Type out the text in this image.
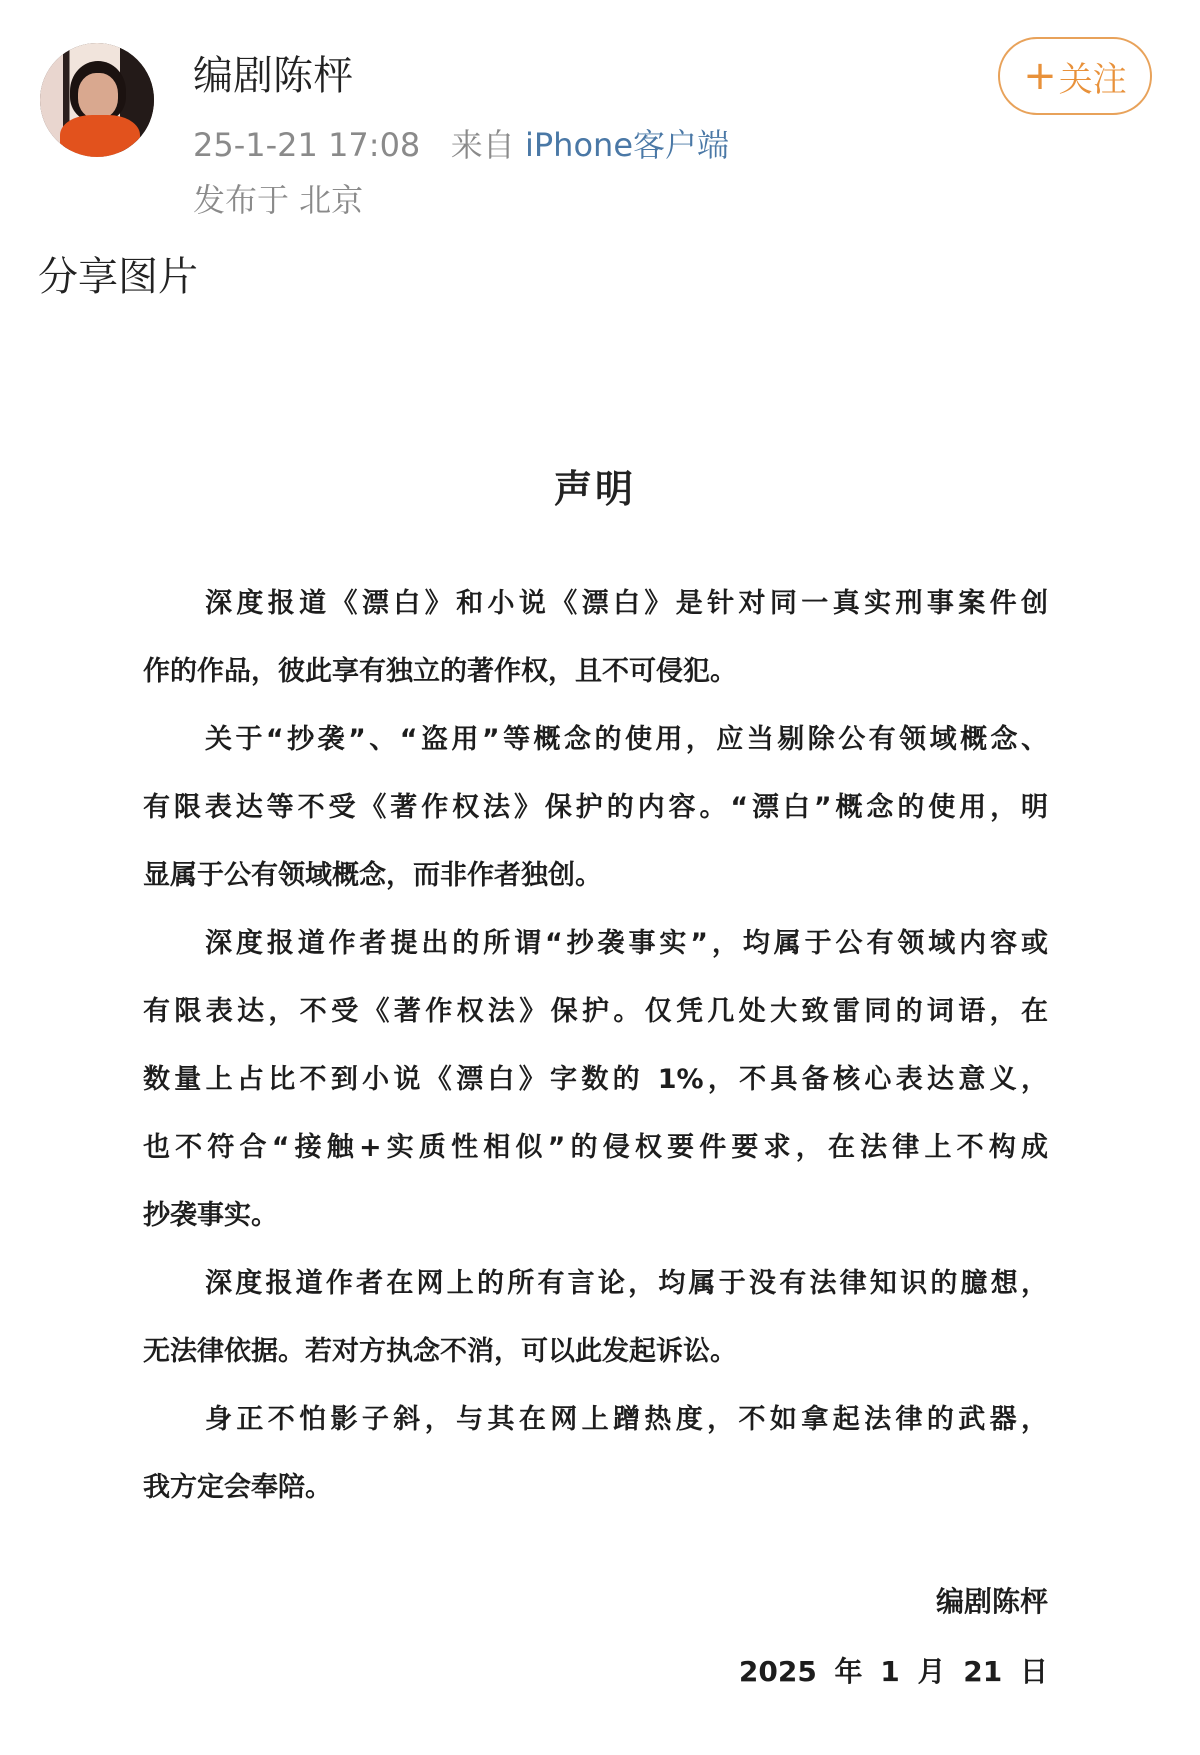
编剧陈枰
25-1-21 17:08 来自 iPhone客户端
发布于 北京
+ 关注
分享图片
声明
深度报道《漂白》和小说《漂白》是针对同一真实刑事案件创
作的作品，彼此享有独立的著作权，且不可侵犯。
关于“抄袭”、“盗用”等概念的使用，应当剔除公有领域概念、
有限表达等不受《著作权法》保护的内容。“漂白”概念的使用，明
显属于公有领域概念，而非作者独创。
深度报道作者提出的所谓“抄袭事实”，均属于公有领域内容或
有限表达，不受《著作权法》保护。仅凭几处大致雷同的词语，在
数量上占比不到小说《漂白》字数的 1%，不具备核心表达意义，
也不符合“接触+实质性相似”的侵权要件要求，在法律上不构成
抄袭事实。
深度报道作者在网上的所有言论，均属于没有法律知识的臆想，
无法律依据。若对方执念不消，可以此发起诉讼。
身正不怕影子斜，与其在网上蹭热度，不如拿起法律的武器，
我方定会奉陪。
编剧陈枰
2025 年 1 月 21 日
